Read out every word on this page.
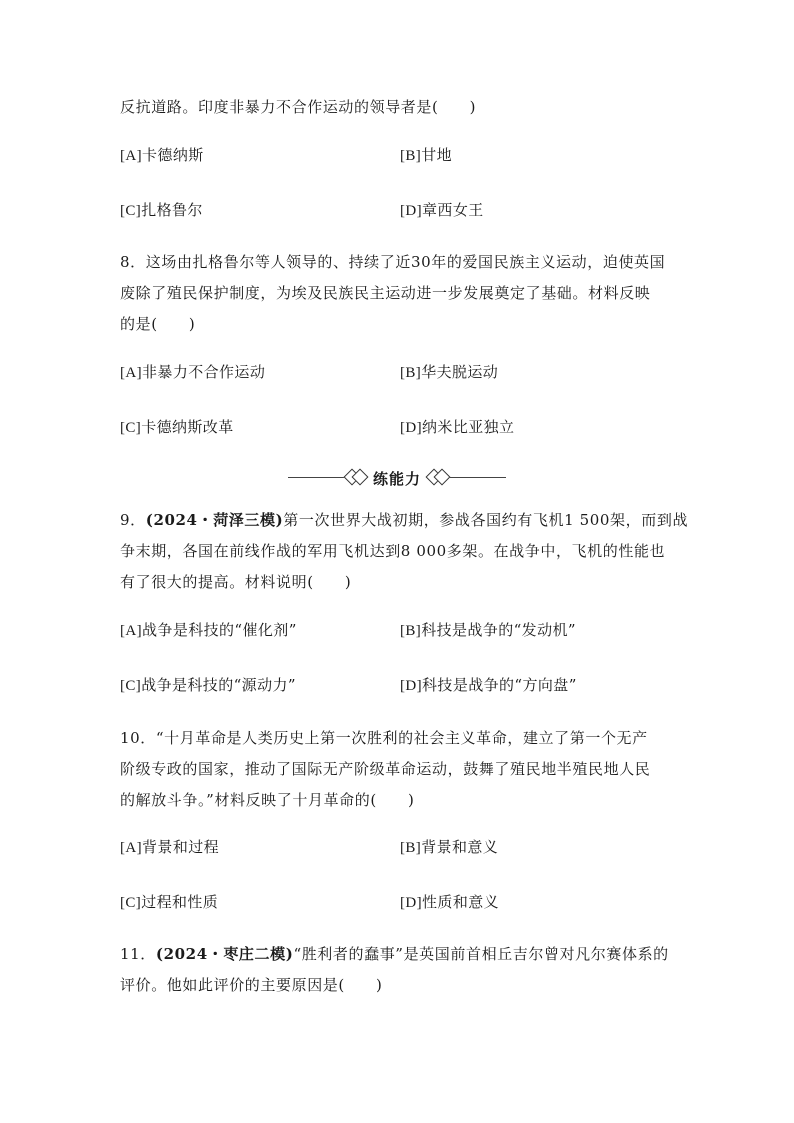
反抗道路。印度非暴力不合作运动的领导者是(　　)
[A]卡德纳斯	[B]甘地
[C]扎格鲁尔	[D]章西女王
8．这场由扎格鲁尔等人领导的、持续了近30年的爱国民族主义运动，迫使英国
废除了殖民保护制度，为埃及民族民主运动进一步发展奠定了基础。材料反映
的是(　　)
[A]非暴力不合作运动	[B]华夫脱运动
[C]卡德纳斯改革	[D]纳米比亚独立
练能力
9．(2024・菏泽三模)第一次世界大战初期，参战各国约有飞机1 500架，而到战
争末期，各国在前线作战的军用飞机达到8 000多架。在战争中，飞机的性能也
有了很大的提高。材料说明(　　)
[A]战争是科技的“催化剂”	[B]科技是战争的“发动机”
[C]战争是科技的“源动力”	[D]科技是战争的“方向盘”
10．“十月革命是人类历史上第一次胜利的社会主义革命，建立了第一个无产
阶级专政的国家，推动了国际无产阶级革命运动，鼓舞了殖民地半殖民地人民
的解放斗争。”材料反映了十月革命的(　　)
[A]背景和过程	[B]背景和意义
[C]过程和性质	[D]性质和意义
11．(2024・枣庄二模)“胜利者的蠢事”是英国前首相丘吉尔曾对凡尔赛体系的
评价。他如此评价的主要原因是(　　)
